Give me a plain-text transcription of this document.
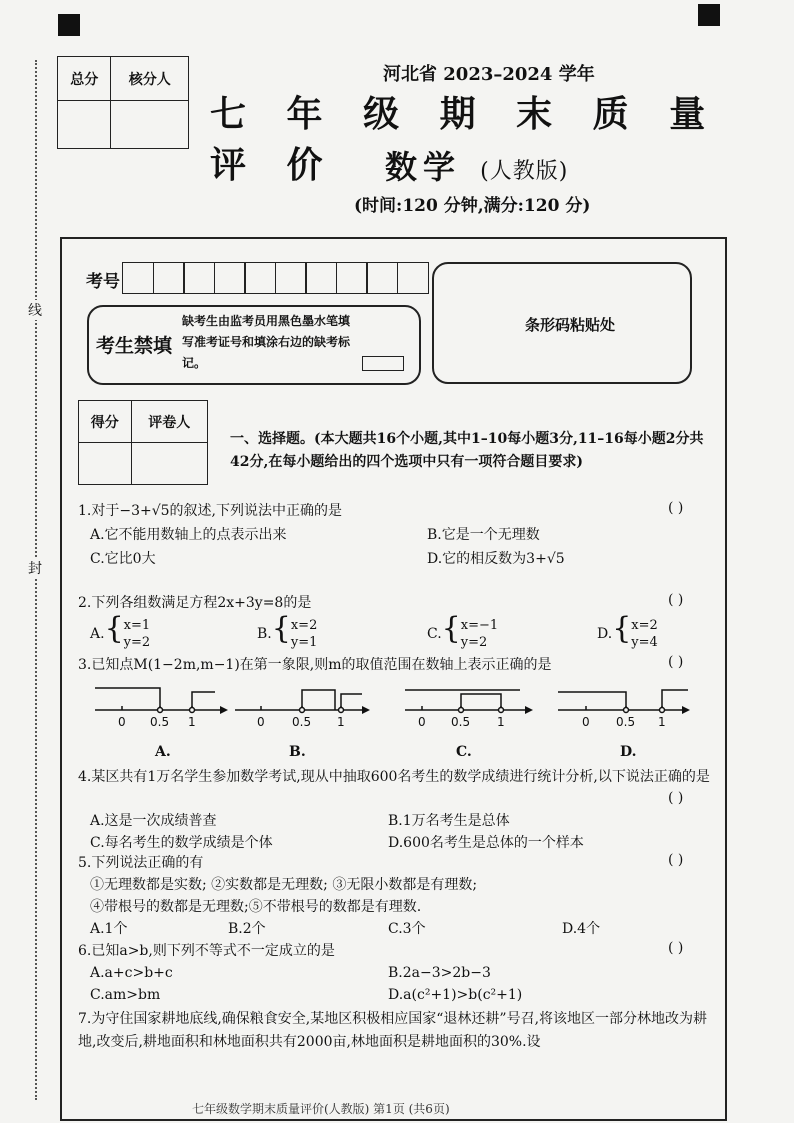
线
封
总分	核分人
		河北省 2023–2024 学年
七 年 级 期 末 质 量 评 价	数学 (人教版)
(时间:120 分钟,满分:120 分)
考号
考生禁填
缺考生由监考员用黑色墨水笔填写准考证号和填涂右边的缺考标记。
条形码粘贴处
得分	评卷人

一、选择题。(本大题共16个小题,其中1–10每小题3分,11–16每小题2分共42分,在每小题给出的四个选项中只有一项符合题目要求)
1.对于−3+√5的叙述,下列说法中正确的是	( )
A.它不能用数轴上的点表示出来	B.它是一个无理数
C.它比0大	D.它的相反数为3+√5
2.下列各组数满足方程2x+3y=8的是	( )
A.{x=1
y=2
B.{x=2
y=1
C.{x=−1
y=2
D.{x=2
y=4
3.已知点M(1−2m,m−1)在第一象限,则m的取值范围在数轴上表示正确的是	( )
0 0.5 1	0 0.5 1	0 0.5 1	0 0.5 1
A.	B.	C.	D.
4.某区共有1万名学生参加数学考试,现从中抽取600名考生的数学成绩进行统计分析,以下说法正确的是
( )
A.这是一次成绩普查	B.1万名考生是总体
C.每名考生的数学成绩是个体	D.600名考生是总体的一个样本
5.下列说法正确的有	( )
①无理数都是实数; ②实数都是无理数; ③无限小数都是有理数;
④带根号的数都是无理数;⑤不带根号的数都是有理数.
A.1个	B.2个	C.3个	D.4个
6.已知a>b,则下列不等式不一定成立的是	( )
A.a+c>b+c	B.2a−3>2b−3
C.am>bm	D.a(c²+1)>b(c²+1)
7.为守住国家耕地底线,确保粮食安全,某地区积极相应国家“退林还耕”号召,将该地区一部分林地改为耕地,改变后,耕地面积和林地面积共有2000亩,林地面积是耕地面积的30%.设
七年级数学期末质量评价(人教版) 第1页 (共6页)
